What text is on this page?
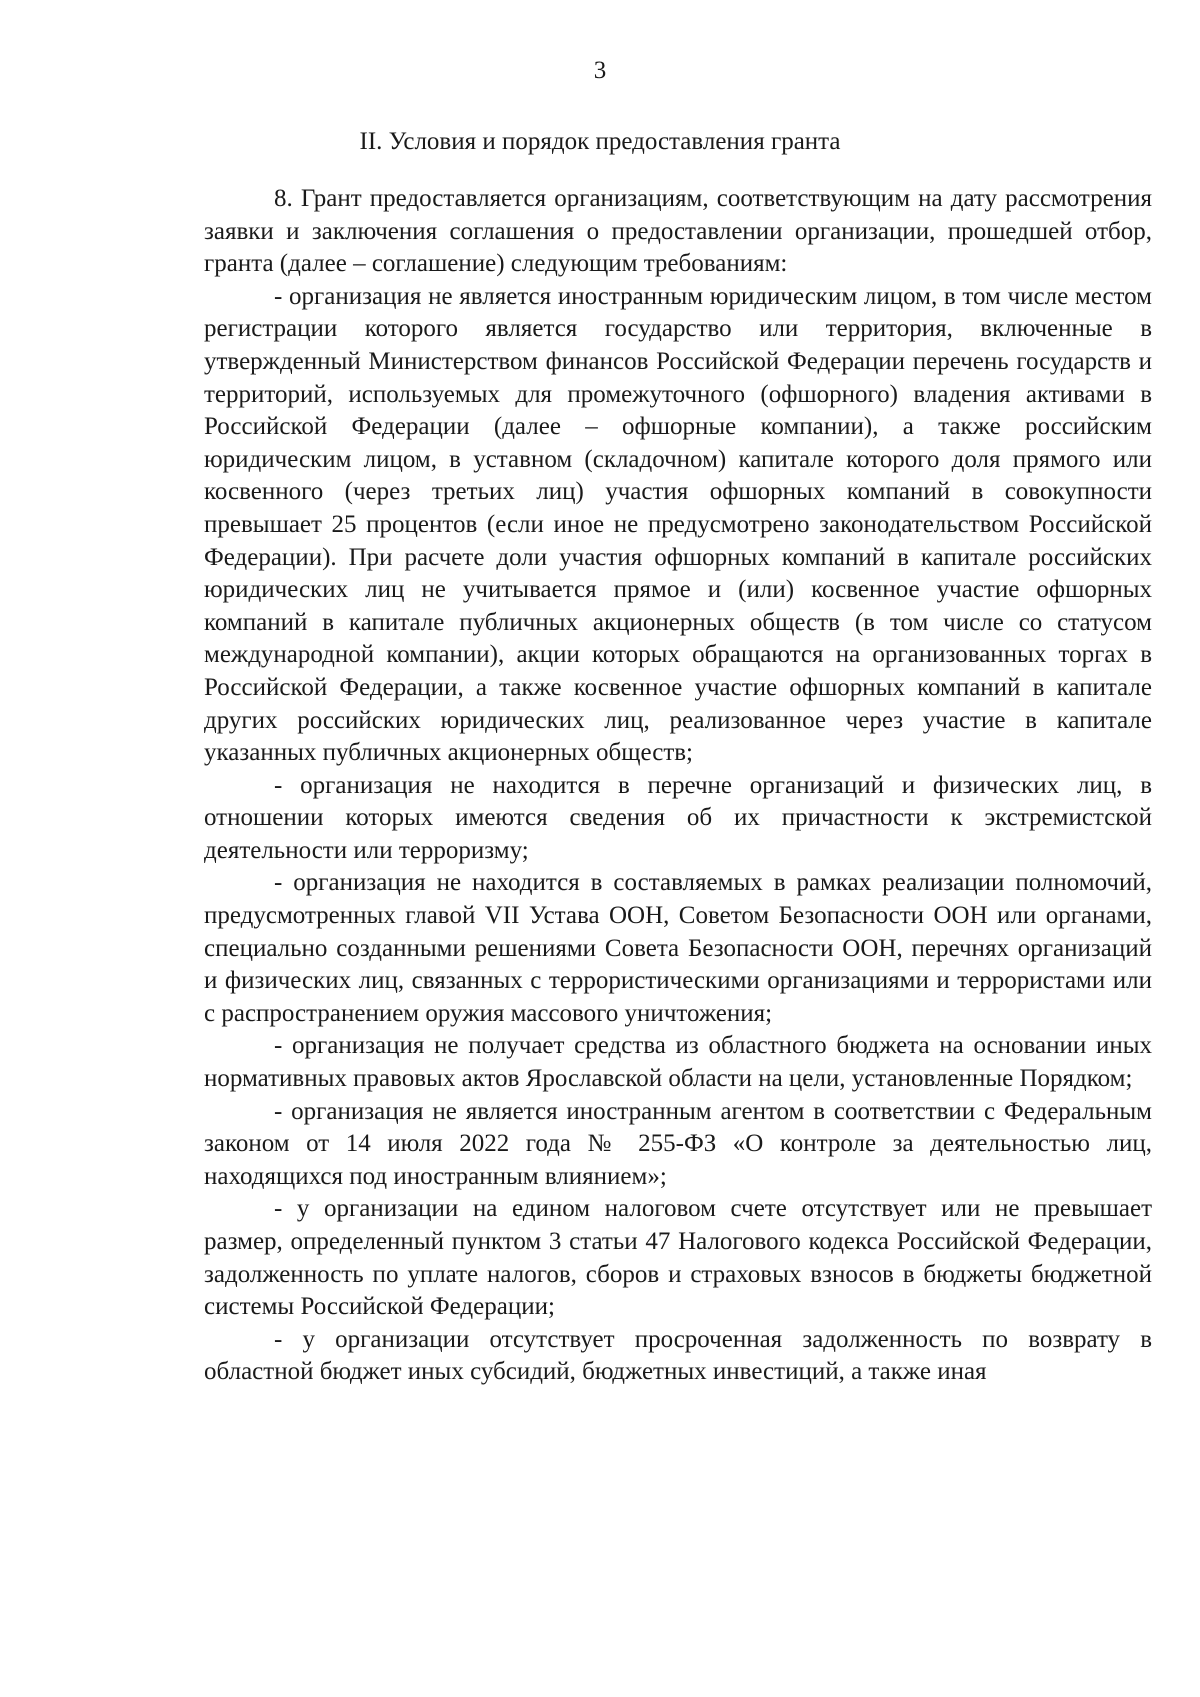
3
II. Условия и порядок предоставления гранта

8. Грант предоставляется организациям, соответствующим на дату рассмотрения заявки и заключения соглашения о предоставлении организации, прошедшей отбор, гранта (далее – соглашение) следующим требованиям:

- организация не является иностранным юридическим лицом, в том числе местом регистрации которого является государство или территория, включенные в утвержденный Министерством финансов Российской Федерации перечень государств и территорий, используемых для промежуточного (офшорного) владения активами в Российской Федерации (далее – офшорные компании), а также российским юридическим лицом, в уставном (складочном) капитале которого доля прямого или косвенного (через третьих лиц) участия офшорных компаний в совокупности превышает 25 процентов (если иное не предусмотрено законодательством Российской Федерации). При расчете доли участия офшорных компаний в капитале российских юридических лиц не учитывается прямое и (или) косвенное участие офшорных компаний в капитале публичных акционерных обществ (в том числе со статусом международной компании), акции которых обращаются на организованных торгах в Российской Федерации, а также косвенное участие офшорных компаний в капитале других российских юридических лиц, реализованное через участие в капитале указанных публичных акционерных обществ;

- организация не находится в перечне организаций и физических лиц, в отношении которых имеются сведения об их причастности к экстремистской деятельности или терроризму;

- организация не находится в составляемых в рамках реализации полномочий, предусмотренных главой VII Устава ООН, Советом Безопасности ООН или органами, специально созданными решениями Совета Безопасности ООН, перечнях организаций и физических лиц, связанных с террористическими организациями и террористами или с распространением оружия массового уничтожения;

- организация не получает средства из областного бюджета на основании иных нормативных правовых актов Ярославской области на цели, установленные Порядком;

- организация не является иностранным агентом в соответствии с Федеральным законом от 14 июля 2022 года № 255-ФЗ «О контроле за деятельностью лиц, находящихся под иностранным влиянием»;

- у организации на едином налоговом счете отсутствует или не превышает размер, определенный пунктом 3 статьи 47 Налогового кодекса Российской Федерации, задолженность по уплате налогов, сборов и страховых взносов в бюджеты бюджетной системы Российской Федерации;

- у организации отсутствует просроченная задолженность по возврату в областной бюджет иных субсидий, бюджетных инвестиций, а также иная
